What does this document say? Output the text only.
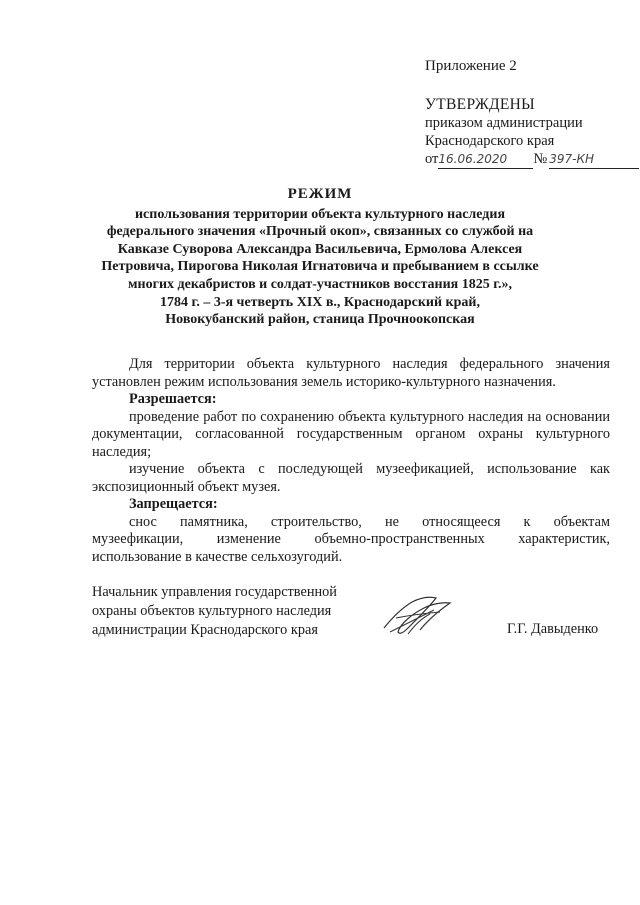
Приложение 2
УТВЕРЖДЕНЫ
приказом администрации
Краснодарского края
от 16.06.2020	№ 397-КН

РЕЖИМ

использования территории объекта культурного наследия

федерального значения «Прочный окоп», связанных со службой на

Кавказе Суворова Александра Васильевича, Ермолова Алексея

Петровича, Пирогова Николая Игнатовича и пребыванием в ссылке

многих декабристов и солдат-участников восстания 1825 г.»,

1784 г. – 3-я четверть XIX в., Краснодарский край,

Новокубанский район, станица Прочноокопская

Для территории объекта культурного наследия федерального значения установлен режим использования земель историко-культурного назначения.

Разрешается:

проведение работ по сохранению объекта культурного наследия на основании документации, согласованной государственным органом охраны культурного наследия;

изучение объекта с последующей музеефикацией, использование как экспозиционный объект музея.

Запрещается:

снос памятника, строительство, не относящееся к объектам

музеефикации, изменение объемно-пространственных характеристик,

использование в качестве сельхозугодий.

Начальник управления государственной
охраны объектов культурного наследия
администрации Краснодарского края	Г.Г. Давыденко
